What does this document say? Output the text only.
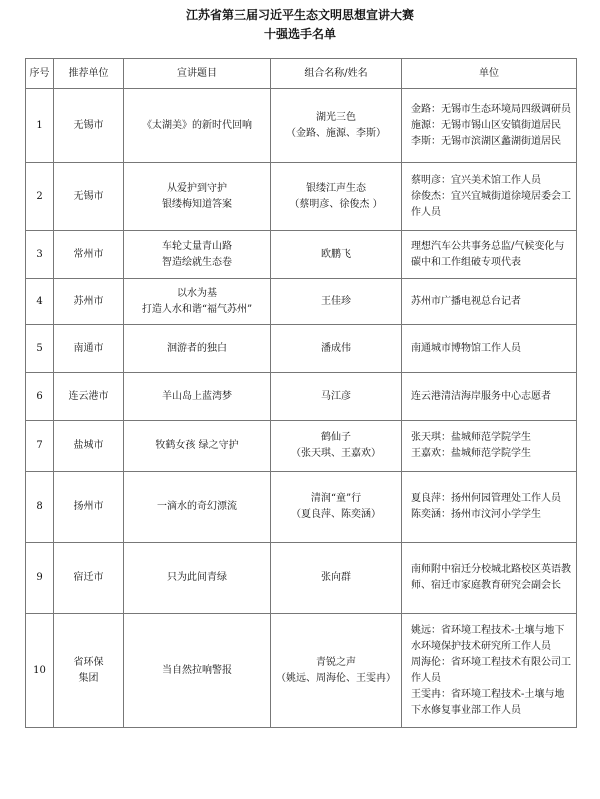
江苏省第三届习近平生态文明思想宣讲大赛
十强选手名单
序号	推荐单位	宣讲题目	组合名称/姓名	单位
1	无锡市	《太湖美》的新时代回响	湖光三色
（金路、施源、李斯）	金路：无锡市生态环境局四级调研员
施源：无锡市锡山区安镇街道居民
李斯：无锡市滨湖区蠡湖街道居民

2	无锡市	从爱护到守护
银缕梅知道答案	银缕江声生态
（蔡明彦、徐俊杰 ）	蔡明彦：宜兴美术馆工作人员
徐俊杰：宜兴宜城街道徐境居委会工作人员

3	常州市	车轮丈量青山路
智造绘就生态卷	欧鹏飞	理想汽车公共事务总监/气候变化与碳中和工作组破专项代表

4	苏州市	以水为基
打造人水和谐“福气苏州”	王佳珍	苏州市广播电视总台记者

5	南通市	洄游者的独白	潘成伟	南通城市博物馆工作人员

6	连云港市	羊山岛上蓝湾梦	马江彦	连云港清洁海岸服务中心志愿者

7	盐城市	牧鹤女孩 绿之守护	鹤仙子
（张天琪、王嘉欢）	张天琪：盐城师范学院学生
王嘉欢：盐城师范学院学生

8	扬州市	一滴水的奇幻漂流	清润“童”行
（夏良萍、陈奕涵）	夏良萍：扬州何园管理处工作人员
陈奕涵：扬州市汶河小学学生

9	宿迁市	只为此间青绿	张向群	南师附中宿迁分校城北路校区英语教师、宿迁市家庭教育研究会副会长

10	省环保
集团	当自然拉响警报	青锐之声
（姚远、周海伦、王雯冉）	姚远：省环境工程技术-土壤与地下水环境保护技术研究所工作人员
周海伦：省环境工程技术有限公司工作人员
王雯冉：省环境工程技术-土壤与地下水修复事业部工作人员
